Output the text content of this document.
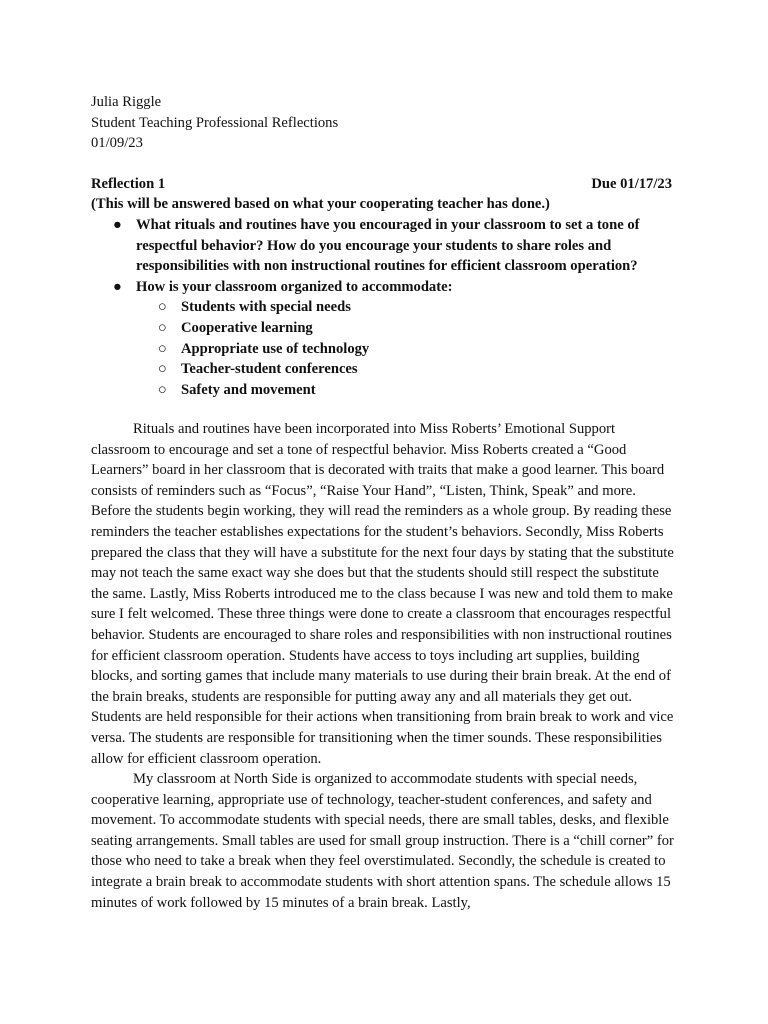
Julia Riggle
Student Teaching Professional Reflections
01/09/23
Reflection 1	Due 01/17/23
(This will be answered based on what your cooperating teacher has done.)
● What rituals and routines have you encouraged in your classroom to set a tone of respectful behavior? How do you encourage your students to share roles and responsibilities with non instructional routines for efficient classroom operation?
● How is your classroom organized to accommodate:
○ Students with special needs
○ Cooperative learning
○ Appropriate use of technology
○ Teacher-student conferences
○ Safety and movement

Rituals and routines have been incorporated into Miss Roberts’ Emotional Support classroom to encourage and set a tone of respectful behavior. Miss Roberts created a “Good Learners” board in her classroom that is decorated with traits that make a good learner. This board consists of reminders such as “Focus”, “Raise Your Hand”, “Listen, Think, Speak” and more. Before the students begin working, they will read the reminders as a whole group. By reading these reminders the teacher establishes expectations for the student’s behaviors. Secondly, Miss Roberts prepared the class that they will have a substitute for the next four days by stating that the substitute may not teach the same exact way she does but that the students should still respect the substitute the same. Lastly, Miss Roberts introduced me to the class because I was new and told them to make sure I felt welcomed. These three things were done to create a classroom that encourages respectful behavior. Students are encouraged to share roles and responsibilities with non instructional routines for efficient classroom operation. Students have access to toys including art supplies, building blocks, and sorting games that include many materials to use during their brain break. At the end of the brain breaks, students are responsible for putting away any and all materials they get out. Students are held responsible for their actions when transitioning from brain break to work and vice versa. The students are responsible for transitioning when the timer sounds. These responsibilities allow for efficient classroom operation.

My classroom at North Side is organized to accommodate students with special needs, cooperative learning, appropriate use of technology, teacher-student conferences, and safety and movement. To accommodate students with special needs, there are small tables, desks, and flexible seating arrangements. Small tables are used for small group instruction. There is a “chill corner” for those who need to take a break when they feel overstimulated. Secondly, the schedule is created to integrate a brain break to accommodate students with short attention spans. The schedule allows 15 minutes of work followed by 15 minutes of a brain break. Lastly,
